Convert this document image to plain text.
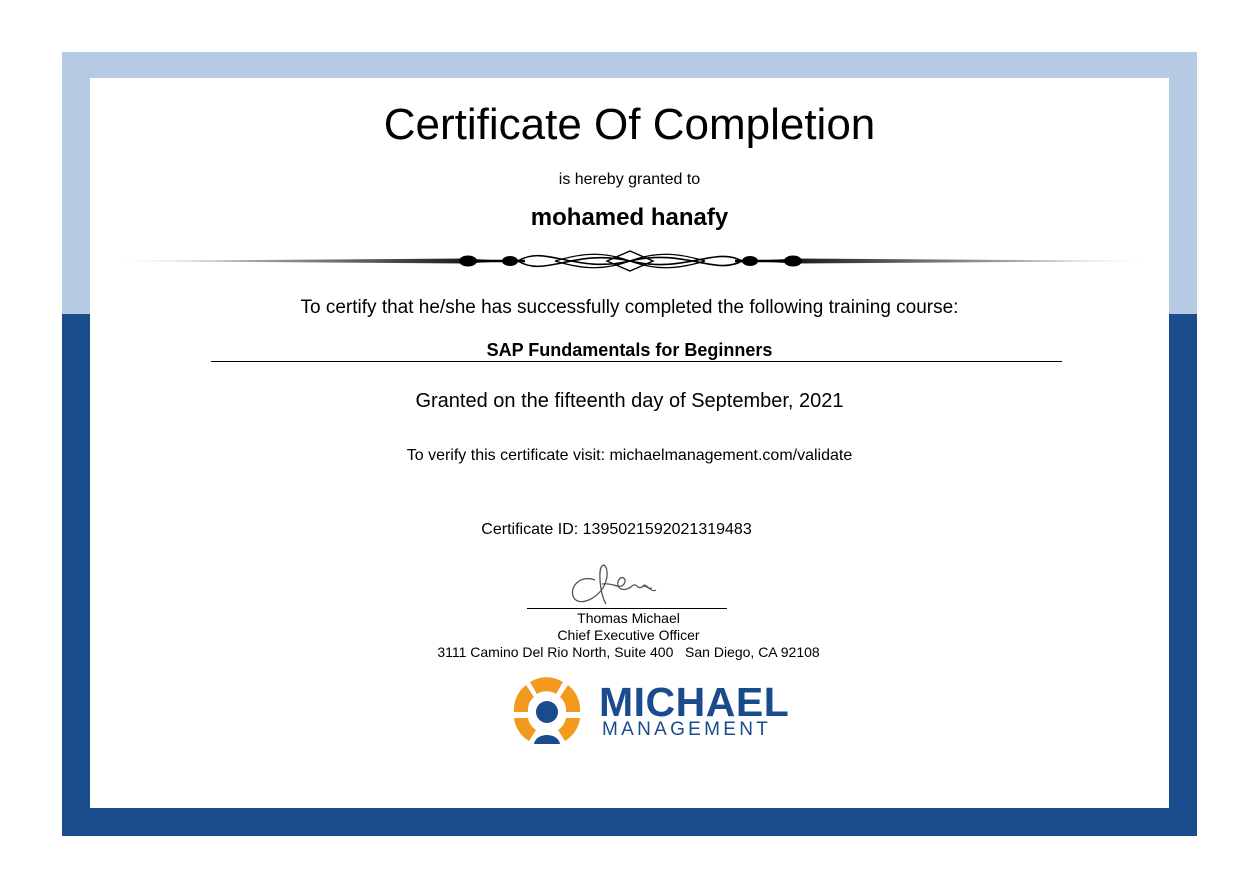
Certificate Of Completion
is hereby granted to
mohamed hanafy
To certify that he/she has successfully completed the following training course:
SAP Fundamentals for Beginners
Granted on the fifteenth day of September, 2021
To verify this certificate visit: michaelmanagement.com/validate
Certificate ID: 1395021592021319483
Thomas Michael
Chief Executive Officer
3111 Camino Del Rio North, Suite 400   San Diego, CA 92108
MICHAEL
MANAGEMENT
